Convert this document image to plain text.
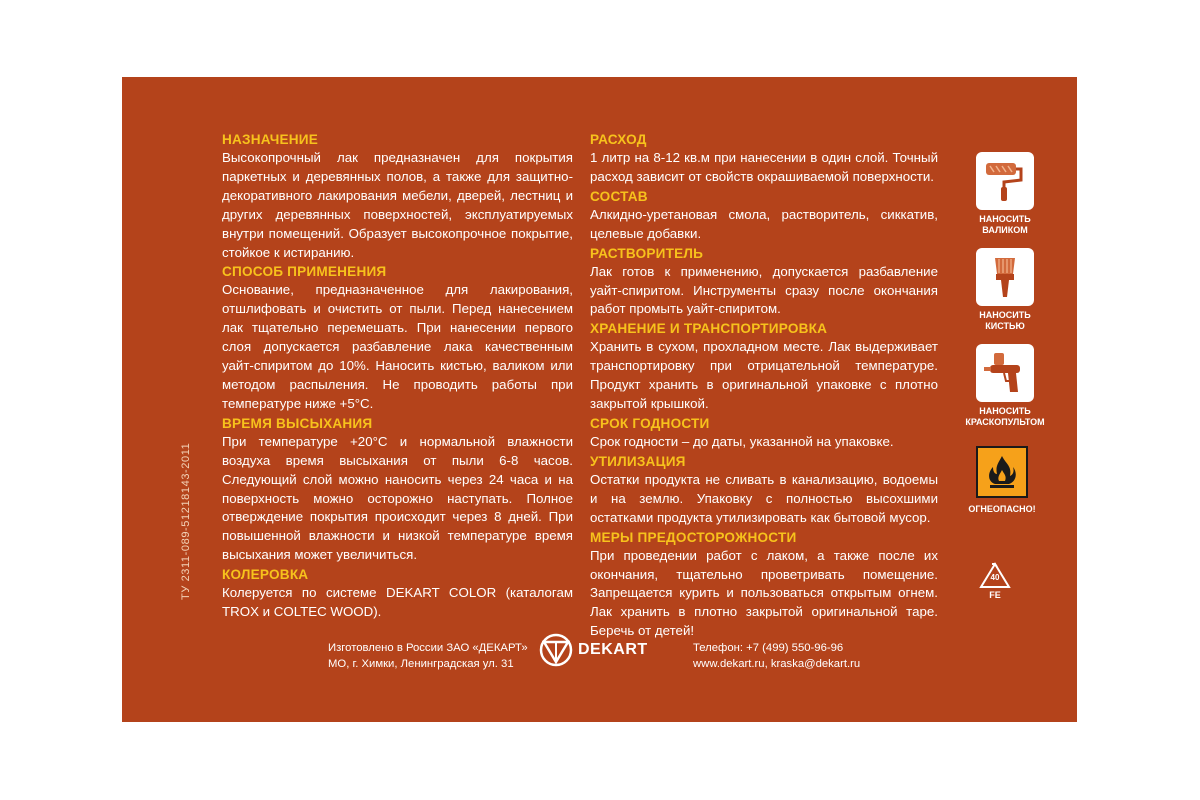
ТУ 2311-089-51218143-2011
НАЗНАЧЕНИЕ

Высокопрочный лак предназначен для покрытия паркетных и деревянных полов, а также для защитно-декоративного лакирования мебели, дверей, лестниц и других деревянных поверхностей, эксплуатируемых внутри помещений. Образует высокопрочное покрытие, стойкое к истиранию.

СПОСОБ ПРИМЕНЕНИЯ

Основание, предназначенное для лакирования, отшлифовать и очистить от пыли. Перед нанесением лак тщательно перемешать. При нанесении первого слоя допускается разбавление лака качественным уайт-спиритом до 10%. Наносить кистью, валиком или методом распыления. Не проводить работы при температуре ниже +5°С.

ВРЕМЯ ВЫСЫХАНИЯ

При температуре +20°С и нормальной влажности воздуха время высыхания от пыли 6-8 часов. Следующий слой можно наносить через 24 часа и на поверхность можно осторожно наступать. Полное отверждение покрытия происходит через 8 дней. При повышенной влажности и низкой температуре время высыхания может увеличиться.

КОЛЕРОВКА

Колеруется по системе DEKART COLOR (каталогам TROX и COLTEC WOOD).

РАСХОД

1 литр на 8-12 кв.м при нанесении в один слой. Точный расход зависит от свойств окрашиваемой поверхности.

СОСТАВ

Алкидно-уретановая смола, растворитель, сиккатив, целевые добавки.

РАСТВОРИТЕЛЬ

Лак готов к применению, допускается разбавление уайт-спиритом. Инструменты сразу после окончания работ промыть уайт-спиритом.

ХРАНЕНИЕ И ТРАНСПОРТИРОВКА

Хранить в сухом, прохладном месте. Лак выдерживает транспортировку при отрицательной температуре. Продукт хранить в оригинальной упаковке с плотно закрытой крышкой.

СРОК ГОДНОСТИ

Срок годности – до даты, указанной на упаковке.

УТИЛИЗАЦИЯ

Остатки продукта не сливать в канализацию, водоемы и на землю. Упаковку с полностью высохшими остатками продукта утилизировать как бытовой мусор.

МЕРЫ ПРЕДОСТОРОЖНОСТИ

При проведении работ с лаком, а также после их окончания, тщательно проветривать помещение. Запрещается курить и пользоваться открытым огнем. Лак хранить в плотно закрытой оригинальной таре. Беречь от детей!

НАНОСИТЬ
ВАЛИКОМ
НАНОСИТЬ
КИСТЬЮ
НАНОСИТЬ
КРАСКОПУЛЬТОМ
ОГНЕОПАСНО!
40
FE
Изготовлено в России ЗАО «ДЕКАРТ»
МО, г. Химки, Ленинградская ул. 31
DEKART	Телефон: +7 (499) 550-96-96
www.dekart.ru, kraska@dekart.ru
